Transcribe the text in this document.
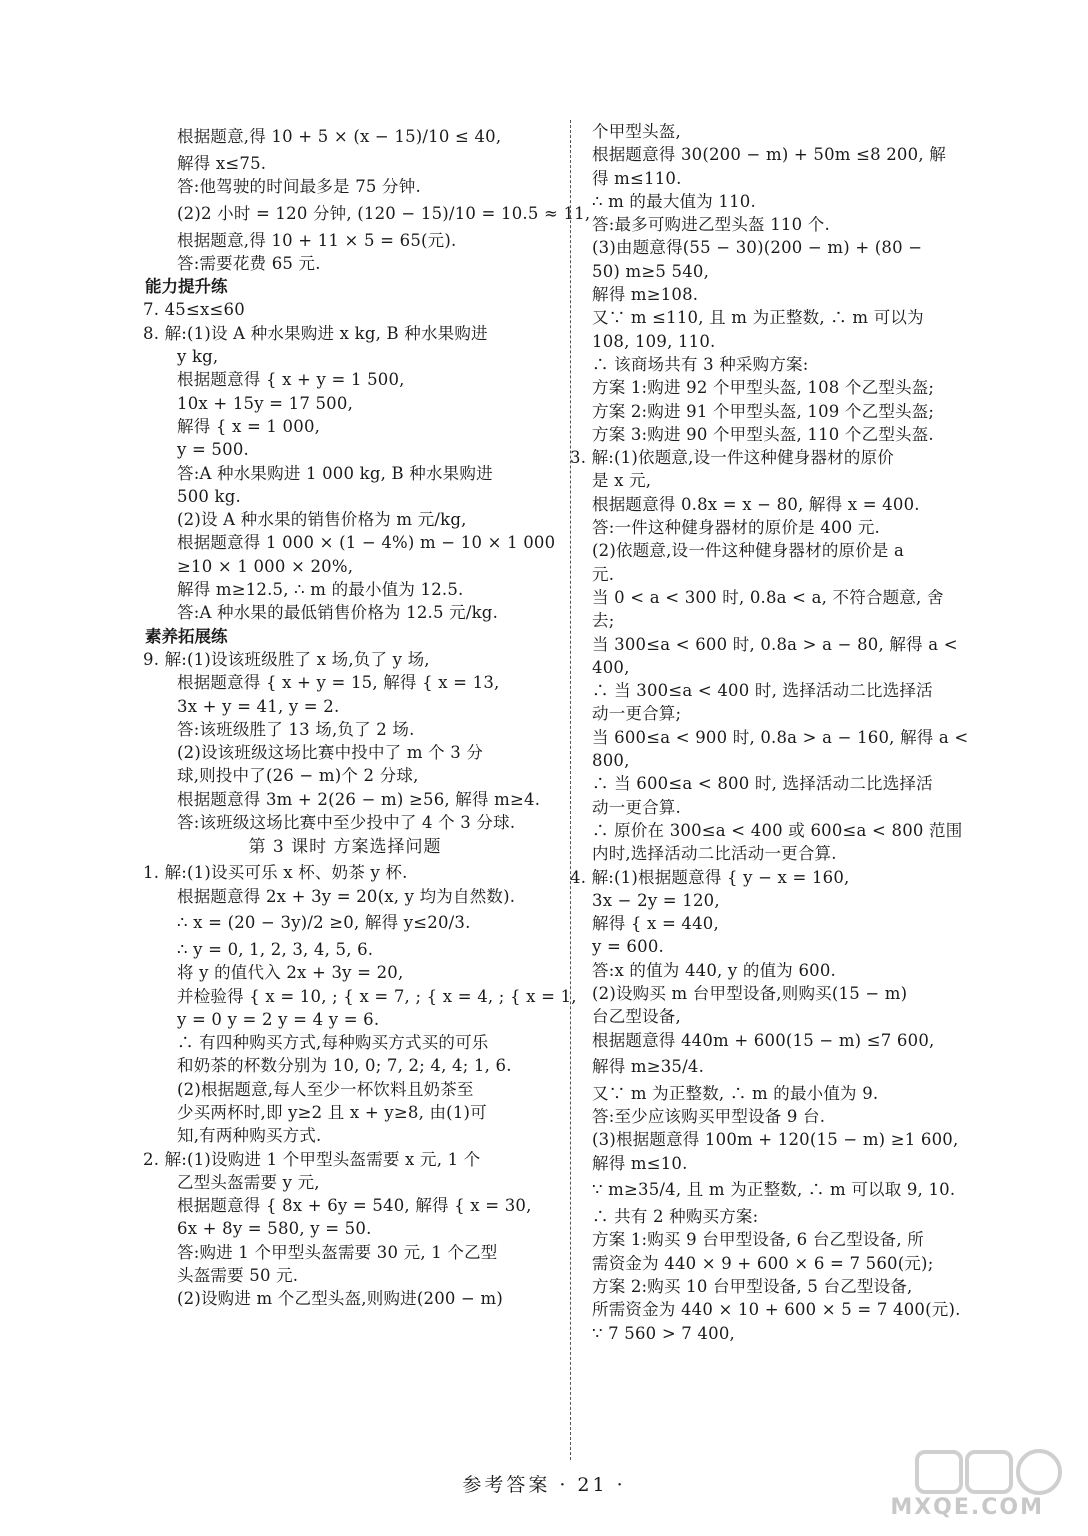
根据题意,得 10 + 5 × (x − 15)/10 ≤ 40,
解得 x≤75.
答:他驾驶的时间最多是 75 分钟.
(2)2 小时 = 120 分钟, (120 − 15)/10 = 10.5 ≈ 11,
根据题意,得 10 + 11 × 5 = 65(元).
答:需要花费 65 元.
能力提升练
7. 45≤x≤60
8. 解:(1)设 A 种水果购进 x kg, B 种水果购进
y kg,
根据题意得 { x + y = 1 500,
10x + 15y = 17 500,
解得 { x = 1 000,
y = 500.
答:A 种水果购进 1 000 kg, B 种水果购进
500 kg.
(2)设 A 种水果的销售价格为 m 元/kg,
根据题意得 1 000 × (1 − 4%) m − 10 × 1 000
≥10 × 1 000 × 20%,
解得 m≥12.5, ∴ m 的最小值为 12.5.
答:A 种水果的最低销售价格为 12.5 元/kg.
素养拓展练
9. 解:(1)设该班级胜了 x 场,负了 y 场,
根据题意得 { x + y = 15, 解得 { x = 13,
3x + y = 41, y = 2.
答:该班级胜了 13 场,负了 2 场.
(2)设该班级这场比赛中投中了 m 个 3 分
球,则投中了(26 − m)个 2 分球,
根据题意得 3m + 2(26 − m) ≥56, 解得 m≥4.
答:该班级这场比赛中至少投中了 4 个 3 分球.
第 3 课时 方案选择问题
1. 解:(1)设买可乐 x 杯、奶茶 y 杯.
根据题意得 2x + 3y = 20(x, y 均为自然数).
∴ x = (20 − 3y)/2 ≥0, 解得 y≤20/3.
∴ y = 0, 1, 2, 3, 4, 5, 6.
将 y 的值代入 2x + 3y = 20,
并检验得 { x = 10, ; { x = 7, ; { x = 4, ; { x = 1,
y = 0 y = 2 y = 4 y = 6.
∴ 有四种购买方式,每种购买方式买的可乐
和奶茶的杯数分别为 10, 0; 7, 2; 4, 4; 1, 6.
(2)根据题意,每人至少一杯饮料且奶茶至
少买两杯时,即 y≥2 且 x + y≥8, 由(1)可
知,有两种购买方式.
2. 解:(1)设购进 1 个甲型头盔需要 x 元, 1 个
乙型头盔需要 y 元,
根据题意得 { 8x + 6y = 540, 解得 { x = 30,
6x + 8y = 580, y = 50.
答:购进 1 个甲型头盔需要 30 元, 1 个乙型
头盔需要 50 元.
(2)设购进 m 个乙型头盔,则购进(200 − m)
个甲型头盔,
根据题意得 30(200 − m) + 50m ≤8 200, 解
得 m≤110.
∴ m 的最大值为 110.
答:最多可购进乙型头盔 110 个.
(3)由题意得(55 − 30)(200 − m) + (80 −
50) m≥5 540,
解得 m≥108.
又∵ m ≤110, 且 m 为正整数, ∴ m 可以为
108, 109, 110.
∴ 该商场共有 3 种采购方案:
方案 1:购进 92 个甲型头盔, 108 个乙型头盔;
方案 2:购进 91 个甲型头盔, 109 个乙型头盔;
方案 3:购进 90 个甲型头盔, 110 个乙型头盔.
3. 解:(1)依题意,设一件这种健身器材的原价
是 x 元,
根据题意得 0.8x = x − 80, 解得 x = 400.
答:一件这种健身器材的原价是 400 元.
(2)依题意,设一件这种健身器材的原价是 a
元.
当 0 < a < 300 时, 0.8a < a, 不符合题意, 舍
去;
当 300≤a < 600 时, 0.8a > a − 80, 解得 a <
400,
∴ 当 300≤a < 400 时, 选择活动二比选择活
动一更合算;
当 600≤a < 900 时, 0.8a > a − 160, 解得 a <
800,
∴ 当 600≤a < 800 时, 选择活动二比选择活
动一更合算.
∴ 原价在 300≤a < 400 或 600≤a < 800 范围
内时,选择活动二比活动一更合算.
4. 解:(1)根据题意得 { y − x = 160,
3x − 2y = 120,
解得 { x = 440,
y = 600.
答:x 的值为 440, y 的值为 600.
(2)设购买 m 台甲型设备,则购买(15 − m)
台乙型设备,
根据题意得 440m + 600(15 − m) ≤7 600,
解得 m≥35/4.
又∵ m 为正整数, ∴ m 的最小值为 9.
答:至少应该购买甲型设备 9 台.
(3)根据题意得 100m + 120(15 − m) ≥1 600,
解得 m≤10.
∵ m≥35/4, 且 m 为正整数, ∴ m 可以取 9, 10.
∴ 共有 2 种购买方案:
方案 1:购买 9 台甲型设备, 6 台乙型设备, 所
需资金为 440 × 9 + 600 × 6 = 7 560(元);
方案 2:购买 10 台甲型设备, 5 台乙型设备,
所需资金为 440 × 10 + 600 × 5 = 7 400(元).
∵ 7 560 > 7 400,
参考答案 · 21 ·
MXQE.COM
